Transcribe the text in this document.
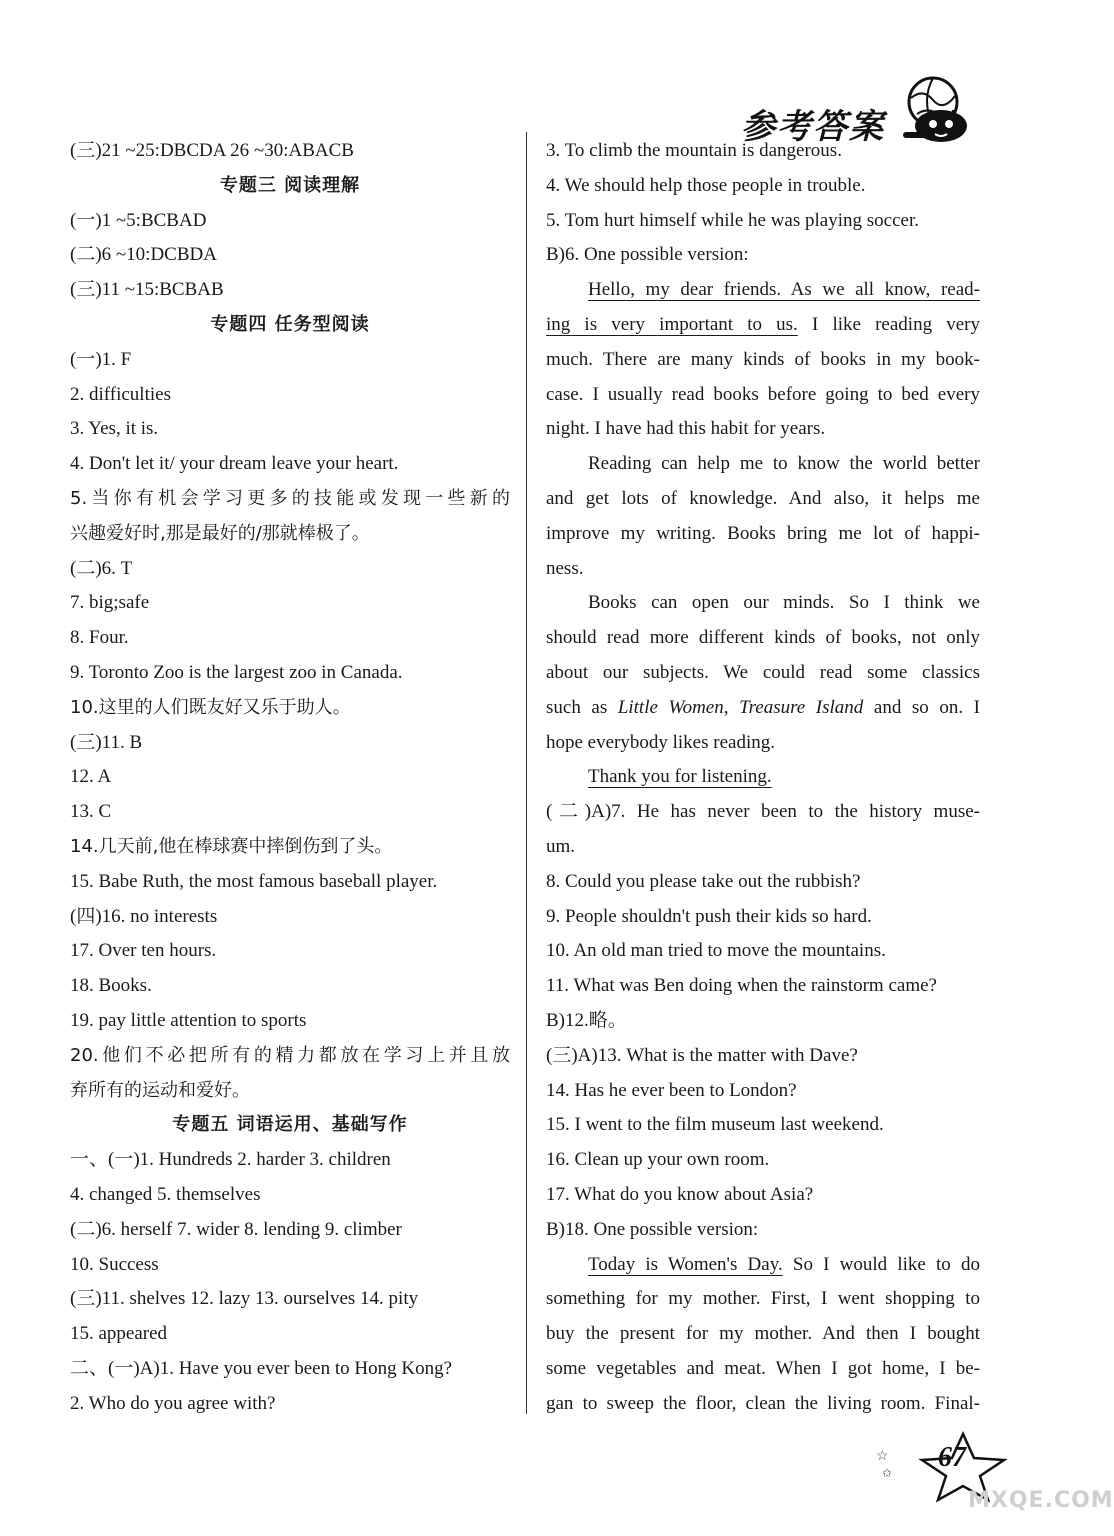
参考答案
(三)21 ~25:DBCDA 26 ~30:ABACB
专题三 阅读理解
(一)1 ~5:BCBAD
(二)6 ~10:DCBDA
(三)11 ~15:BCBAB
专题四 任务型阅读
(一)1. F
2. difficulties
3. Yes, it is.
4. Don't let it/ your dream leave your heart.
5.当你有机会学习更多的技能或发现一些新的
兴趣爱好时,那是最好的/那就棒极了。
(二)6. T
7. big;safe
8. Four.
9. Toronto Zoo is the largest zoo in Canada.
10.这里的人们既友好又乐于助人。
(三)11. B
12. A
13. C
14.几天前,他在棒球赛中摔倒伤到了头。
15. Babe Ruth, the most famous baseball player.
(四)16. no interests
17. Over ten hours.
18. Books.
19. pay little attention to sports
20.他们不必把所有的精力都放在学习上并且放
弃所有的运动和爱好。
专题五 词语运用、基础写作
一、(一)1. Hundreds 2. harder 3. children
4. changed 5. themselves
(二)6. herself 7. wider 8. lending 9. climber
10. Success
(三)11. shelves 12. lazy 13. ourselves 14. pity
15. appeared
二、(一)A)1. Have you ever been to Hong Kong?
2. Who do you agree with?
3. To climb the mountain is dangerous.
4. We should help those people in trouble.
5. Tom hurt himself while he was playing soccer.
B)6. One possible version:
Hello, my dear friends. As we all know, read-
ing is very important to us. I like reading very
much. There are many kinds of books in my book-
case. I usually read books before going to bed every
night. I have had this habit for years.
Reading can help me to know the world better
and get lots of knowledge. And also, it helps me
improve my writing. Books bring me lot of happi-
ness.
Books can open our minds. So I think we
should read more different kinds of books, not only
about our subjects. We could read some classics
such as Little Women, Treasure Island and so on. I
hope everybody likes reading.
Thank you for listening.
(二)A)7. He has never been to the history muse-
um.
8. Could you please take out the rubbish?
9. People shouldn't push their kids so hard.
10. An old man tried to move the mountains.
11. What was Ben doing when the rainstorm came?
B)12.略。
(三)A)13. What is the matter with Dave?
14. Has he ever been to London?
15. I went to the film museum last weekend.
16. Clean up your own room.
17. What do you know about Asia?
B)18. One possible version:
Today is Women's Day. So I would like to do
something for my mother. First, I went shopping to
buy the present for my mother. And then I bought
some vegetables and meat. When I got home, I be-
gan to sweep the floor, clean the living room. Final-
☆
✩ 67
MXQE.COM
